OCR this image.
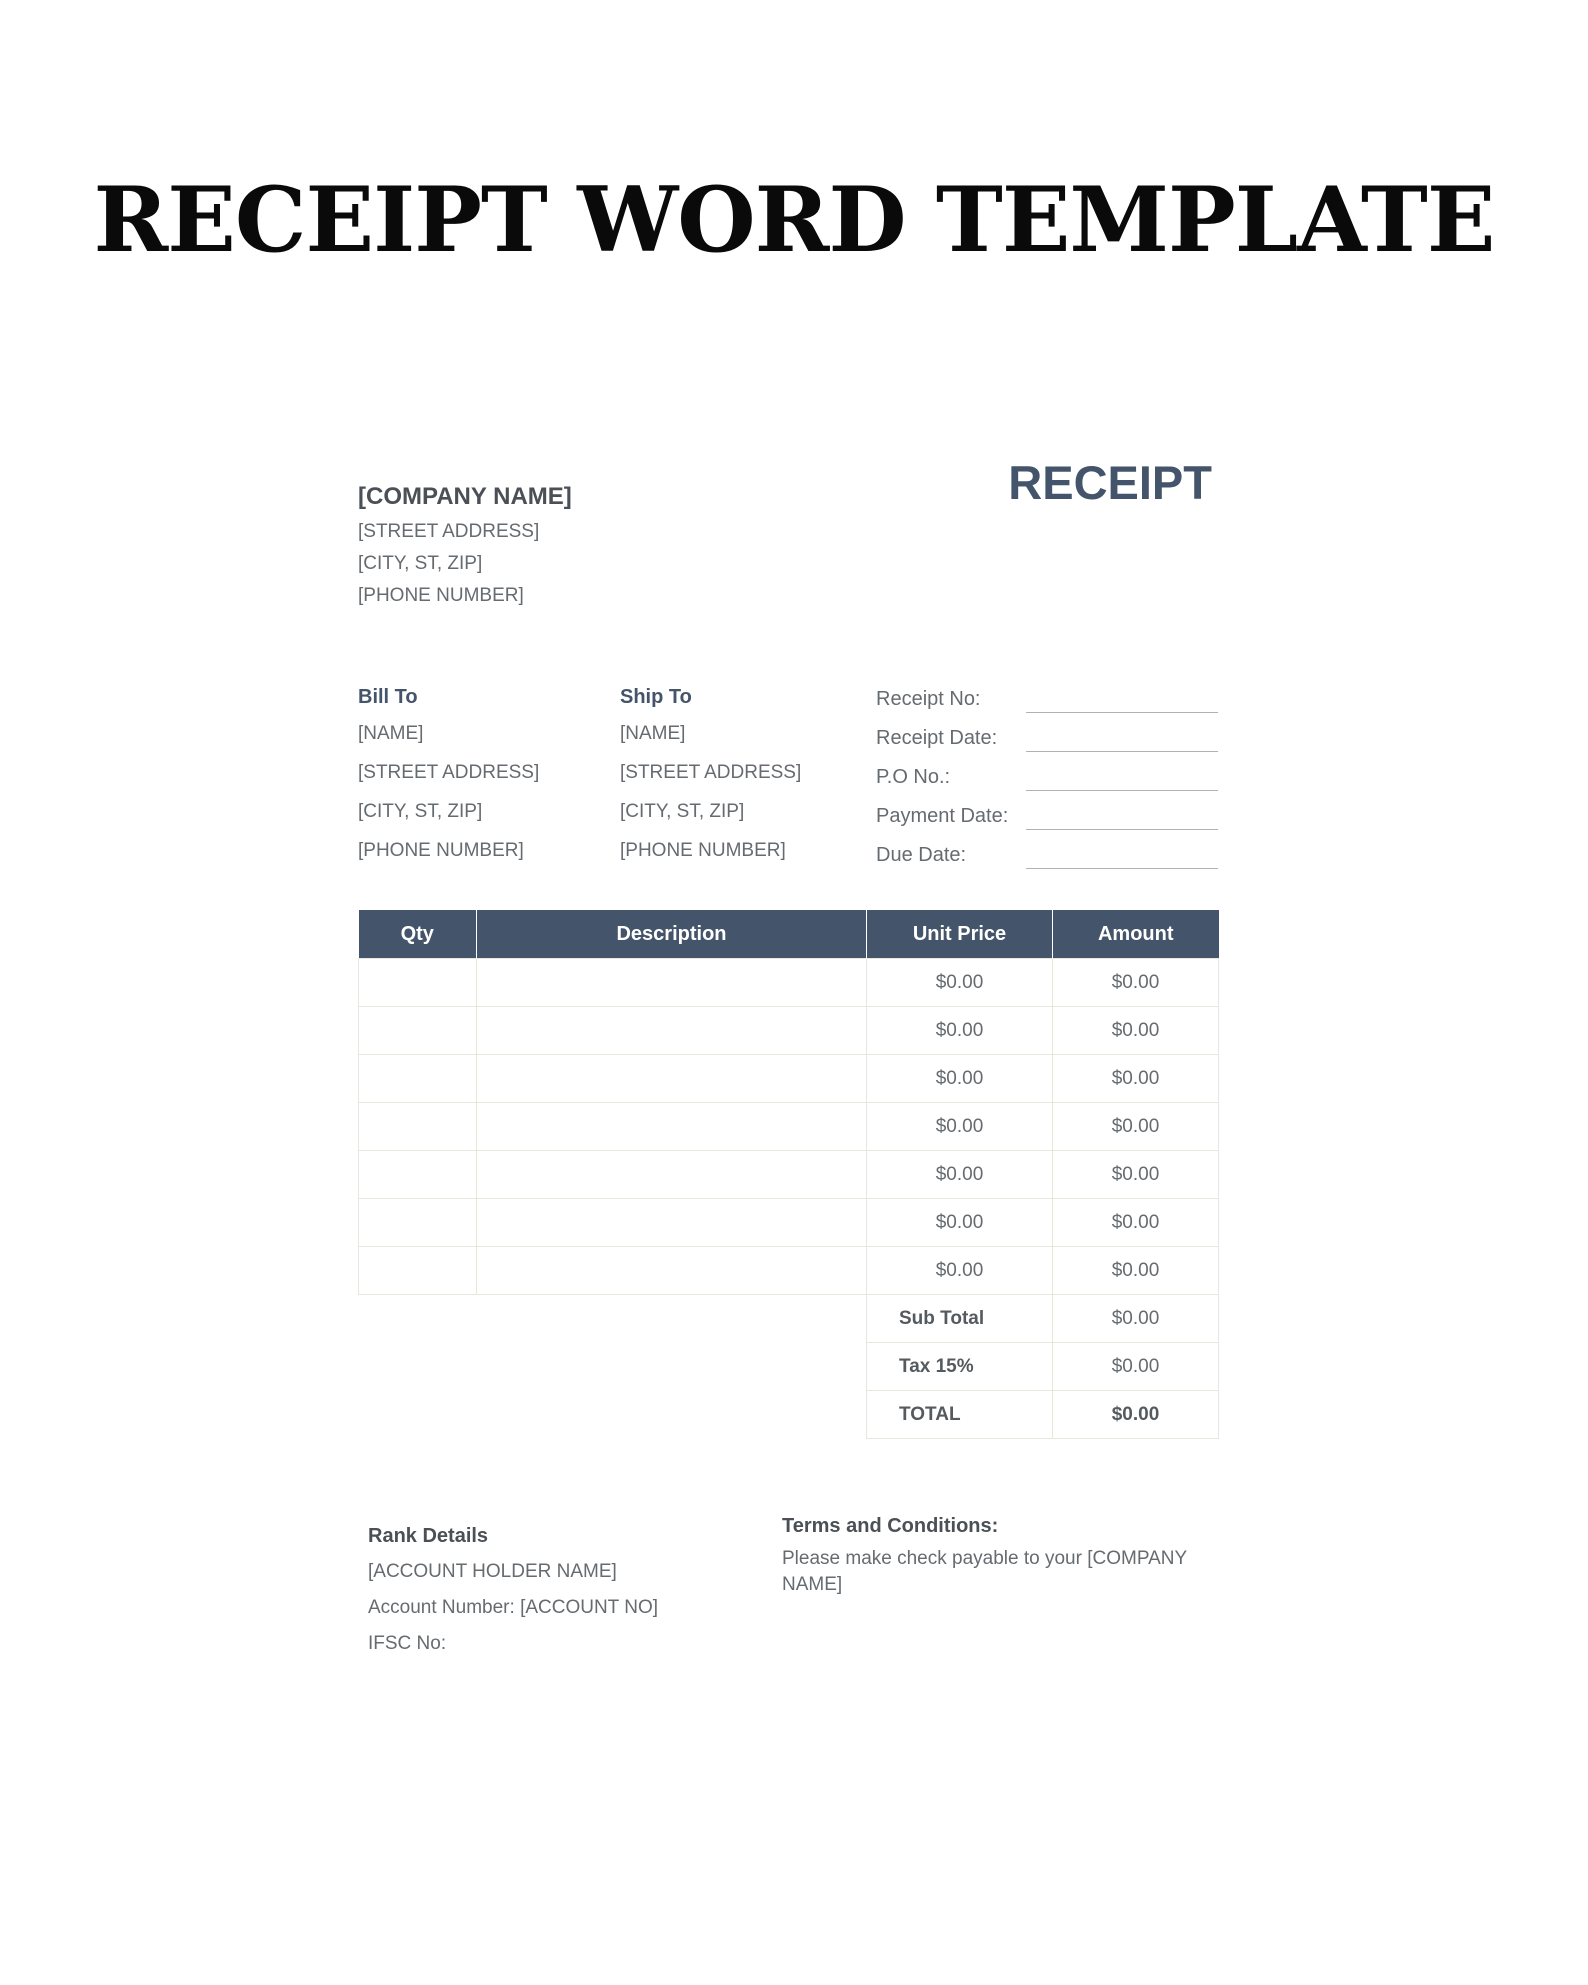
RECEIPT WORD TEMPLATE
RECEIPT
[COMPANY NAME]
[STREET ADDRESS]
[CITY, ST, ZIP]
[PHONE NUMBER]
Bill To
[NAME]
[STREET ADDRESS]
[CITY, ST, ZIP]
[PHONE NUMBER]
Ship To
[NAME]
[STREET ADDRESS]
[CITY, ST, ZIP]
[PHONE NUMBER]
Receipt No:
Receipt Date:
P.O No.:
Payment Date:
Due Date:
Qty	Description	Unit Price	Amount
		$0.00	$0.00
		$0.00	$0.00
		$0.00	$0.00
		$0.00	$0.00
		$0.00	$0.00
		$0.00	$0.00
		$0.00	$0.00
		Sub Total	$0.00
		Tax 15%	$0.00
		TOTAL	$0.00
Rank Details
[ACCOUNT HOLDER NAME]
Account Number: [ACCOUNT NO]
IFSC No:
Terms and Conditions:
Please make check payable to your [COMPANY NAME]
